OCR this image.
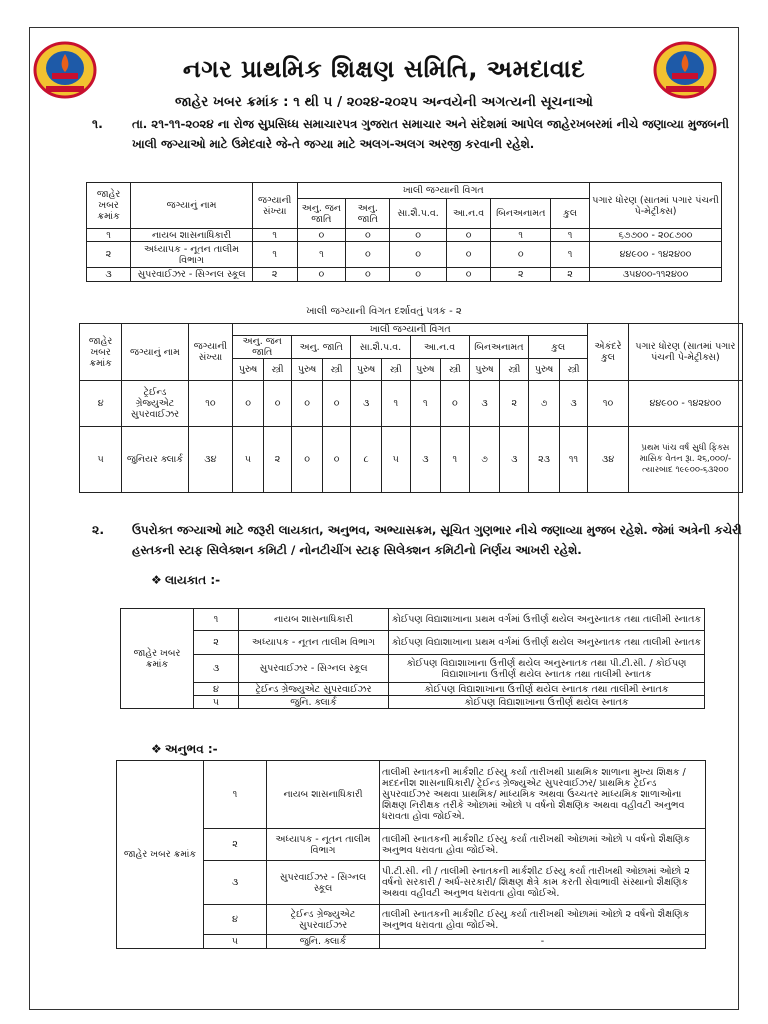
નગર પ્રાથમિક શિક્ષણ સમિતિ, અમદાવાદ
જાહેર ખબર ક્રમાંક : ૧ થી ૫ / ૨૦૨૪-૨૦૨૫ અન્વયેની અગત્યની સૂચનાઓ
૧. તા. ૨૧-૧૧-૨૦૨૪ ના રોજ સુપ્રસિધ્ધ સમાચારપત્ર ગુજરાત સમાચાર અને સંદેશમાં આપેલ જાહેરખબરમાં નીચે જણાવ્યા મુજબની
ખાલી જગ્યાઓ માટે ઉમેદવારે જે-તે જગ્યા માટે અલગ-અલગ અરજી કરવાની રહેશે.
જાહેર ખબર ક્રમાંક	જગ્યાનું નામ	જગ્યાની સંખ્યા	ખાલી જગ્યાની વિગત						પગાર ધોરણ (સાતમાં પગાર પંચની પે-મેટ્રીક્સ)
			અનુ. જન જાતિ	અનુ. જાતિ	સા.શૈ.પ.વ.	આ.ન.વ	બિનઅનામત	કુલ	
૧	નાયબ શાસનાધિકારી	૧	૦	૦	૦	૦	૧	૧	૬૭૭૦૦ - ૨૦૮૭૦૦
૨	અધ્યાપક - નૂતન તાલીમ વિભાગ	૧	૧	૦	૦	૦	૦	૧	૪૪૯૦૦ - ૧૪૨૪૦૦
૩	સુપરવાઈઝર - સિગ્નલ સ્કૂલ	૨	૦	૦	૦	૦	૨	૨	૩૫૪૦૦-૧૧૨૪૦૦
ખાલી જગ્યાની વિગત દર્શાવતું પત્રક - ૨
જાહેર ખબર ક્રમાંક	જગ્યાનું નામ	જગ્યાની સંખ્યા	ખાલી જગ્યાની વિગત												એકંદરે કુલ	પગાર ધોરણ (સાતમાં પગાર પંચની પે-મેટ્રીક્સ)
			અનુ. જન જાતિ		અનુ. જાતિ		સા.શૈ.પ.વ.		આ.ન.વ		બિનઅનામત		કુલ			
			પુરુષ	સ્ત્રી	પુરુષ	સ્ત્રી	પુરુષ	સ્ત્રી	પુરુષ	સ્ત્રી	પુરુષ	સ્ત્રી	પુરુષ	સ્ત્રી		
૪	ટ્રેઈન્ડ ગ્રેજ્યુએટ સુપરવાઈઝર	૧૦	૦	૦	૦	૦	૩	૧	૧	૦	૩	૨	૭	૩	૧૦	૪૪૯૦૦ - ૧૪૨૪૦૦
૫	જુનિયર ક્લાર્ક	૩૪	૫	૨	૦	૦	૮	૫	૩	૧	૭	૩	૨૩	૧૧	૩૪	પ્રથમ પાંચ વર્ષ સુધી ફિક્સ માસિક વેતન રૂા. ૨૬,૦૦૦/- ત્યારબાદ ૧૯૯૦૦-૬૩૨૦૦
૨. ઉપરોક્ત જગ્યાઓ માટે જરૂરી લાયકાત, અનુભવ, અભ્યાસક્રમ, સૂચિત ગુણભાર નીચે જણાવ્યા મુજબ રહેશે. જેમાં અત્રેની કચેરી
હસ્તકની સ્ટાફ સિલેક્શન કમિટી / નોનટીચીંગ સ્ટાફ સિલેક્શન કમિટીનો નિર્ણય આખરી રહેશે.
❖ લાયકાત :-
જાહેર ખબર ક્રમાંક	૧	નાયબ શાસનાધિકારી	કોઈપણ વિદ્યાશાખાના પ્રથમ વર્ગમાં ઉત્તીર્ણ થયેલ અનુસ્નાતક તથા તાલીમી સ્નાતક
	૨	અધ્યાપક - નૂતન તાલીમ વિભાગ	કોઈપણ વિદ્યાશાખાના પ્રથમ વર્ગમાં ઉત્તીર્ણ થયેલ અનુસ્નાતક તથા તાલીમી સ્નાતક
	૩	સુપરવાઈઝર - સિગ્નલ સ્કૂલ	કોઈપણ વિદ્યાશાખાના ઉત્તીર્ણ થયેલ અનુસ્નાતક તથા પી.ટી.સી. / કોઈપણ વિદ્યાશાખાના ઉત્તીર્ણ થયેલ સ્નાતક તથા તાલીમી સ્નાતક
	૪	ટ્રેઈન્ડ ગ્રેજ્યુએટ સુપરવાઈઝર	કોઈપણ વિદ્યાશાખાના ઉત્તીર્ણ થયેલ સ્નાતક તથા તાલીમી સ્નાતક
	૫	જુનિ. ક્લાર્ક	કોઈપણ વિદ્યાશાખાના ઉત્તીર્ણ થયેલ સ્નાતક
❖ અનુભવ :-
જાહેર ખબર ક્રમાંક	૧	નાયબ શાસનાધિકારી	તાલીમી સ્નાતકની માર્કશીટ ઈસ્યુ કર્યા તારીખથી પ્રાથમિક શાળાના મુખ્ય શિક્ષક / મદદનીશ શાસનાધિકારી/ ટ્રેઈન્ડ ગ્રેજ્યુએટ સુપરવાઈઝર/ પ્રાથમિક ટ્રેઈન્ડ સુપરવાઈઝર અથવા પ્રાથમિક/ માધ્યમિક અથવા ઉચ્ચતર માધ્યમિક શાળાઓના શિક્ષણ નિરીક્ષક તરીકે ઓછામાં ઓછો ૫ વર્ષનો શૈક્ષણિક અથવા વહીવટી અનુભવ ધરાવતા હોવા જોઈએ.
	૨	અધ્યાપક - નૂતન તાલીમ વિભાગ	તાલીમી સ્નાતકની માર્કશીટ ઈસ્યુ કર્યા તારીખથી ઓછામાં ઓછો ૫ વર્ષનો શૈક્ષણિક અનુભવ ધરાવતા હોવા જોઈએ.
	૩	સુપરવાઈઝર - સિગ્નલ સ્કૂલ	પી.ટી.સી. ની / તાલીમી સ્નાતકની માર્કશીટ ઈસ્યુ કર્યા તારીખથી ઓછામાં ઓછો ૨ વર્ષનો સરકારી / અર્ધ-સરકારી/ શિક્ષણ ક્ષેત્રે કામ કરતી સેવાભાવી સંસ્થાનો શૈક્ષણિક અથવા વહીવટી અનુભવ ધરાવતા હોવા જોઈએ.
	૪	ટ્રેઈન્ડ ગ્રેજ્યુએટ સુપરવાઈઝર	તાલીમી સ્નાતકની માર્કશીટ ઈસ્યુ કર્યા તારીખથી ઓછામાં ઓછો ૨ વર્ષનો શૈક્ષણિક અનુભવ ધરાવતા હોવા જોઈએ.
	૫	જુનિ. ક્લાર્ક	-
